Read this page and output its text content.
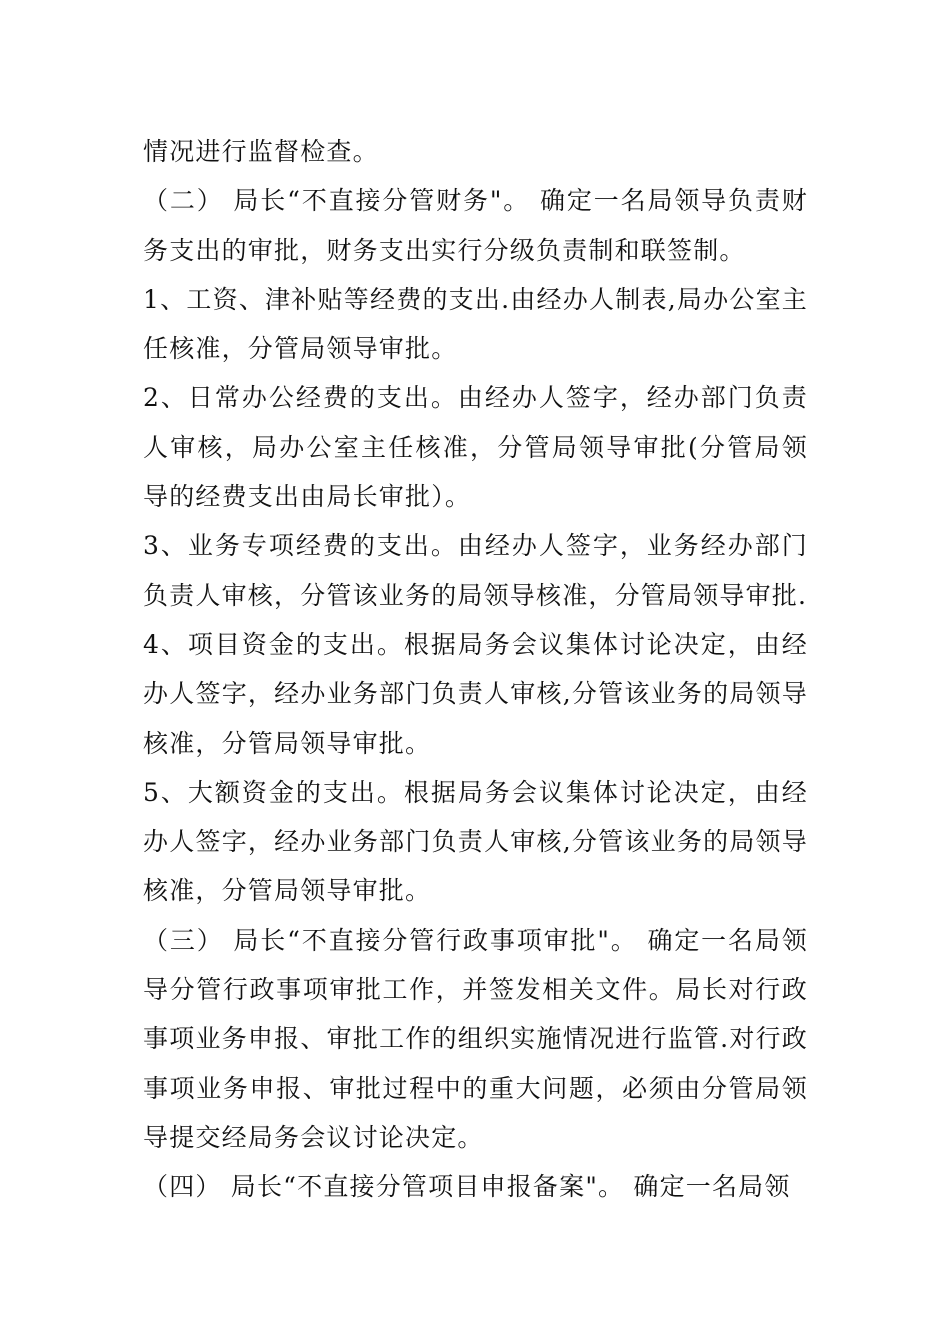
情况进行监督检查。

（二） 局长“不直接分管财务"。 确定一名局领导负责财务支出的审批，财务支出实行分级负责制和联签制。

1、工资、津补贴等经费的支出.由经办人制表,局办公室主任核准，分管局领导审批。

2、日常办公经费的支出。由经办人签字，经办部门负责人审核，局办公室主任核准，分管局领导审批(分管局领导的经费支出由局长审批）。

3、业务专项经费的支出。由经办人签字，业务经办部门负责人审核，分管该业务的局领导核准，分管局领导审批.

4、项目资金的支出。根据局务会议集体讨论决定，由经办人签字，经办业务部门负责人审核,分管该业务的局领导核准，分管局领导审批。

5、大额资金的支出。根据局务会议集体讨论决定，由经办人签字，经办业务部门负责人审核,分管该业务的局领导核准，分管局领导审批。

（三） 局长“不直接分管行政事项审批"。 确定一名局领导分管行政事项审批工作，并签发相关文件。局长对行政事项业务申报、审批工作的组织实施情况进行监管.对行政事项业务申报、审批过程中的重大问题，必须由分管局领导提交经局务会议讨论决定。

（四） 局长“不直接分管项目申报备案"。 确定一名局领
